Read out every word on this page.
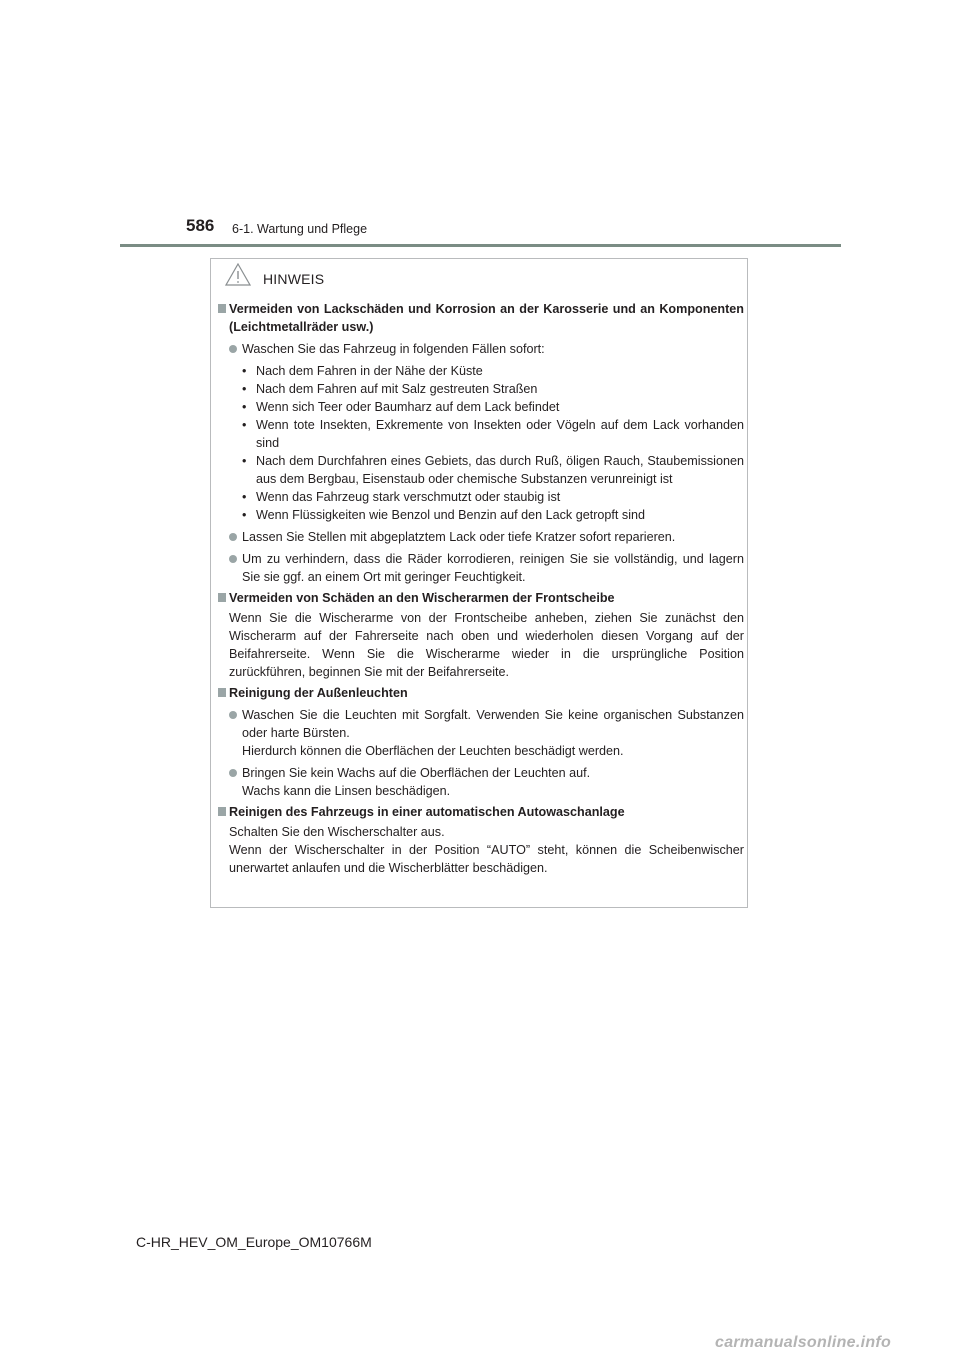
586 6-1. Wartung und Pflege
HINWEIS

Vermeiden von Lackschäden und Korrosion an der Karosserie und an Komponenten (Leichtmetallräder usw.)

Waschen Sie das Fahrzeug in folgenden Fällen sofort:

• Nach dem Fahren in der Nähe der Küste
• Nach dem Fahren auf mit Salz gestreuten Straßen
• Wenn sich Teer oder Baumharz auf dem Lack befindet
• Wenn tote Insekten, Exkremente von Insekten oder Vögeln auf dem Lack vorhanden sind
• Nach dem Durchfahren eines Gebiets, das durch Ruß, öligen Rauch, Staubemissionen aus dem Bergbau, Eisenstaub oder chemische Substanzen verunreinigt ist
• Wenn das Fahrzeug stark verschmutzt oder staubig ist
• Wenn Flüssigkeiten wie Benzol und Benzin auf den Lack getropft sind

Lassen Sie Stellen mit abgeplatztem Lack oder tiefe Kratzer sofort reparieren.

Um zu verhindern, dass die Räder korrodieren, reinigen Sie sie vollständig, und lagern Sie sie ggf. an einem Ort mit geringer Feuchtigkeit.

Vermeiden von Schäden an den Wischerarmen der Frontscheibe

Wenn Sie die Wischerarme von der Frontscheibe anheben, ziehen Sie zunächst den Wischerarm auf der Fahrerseite nach oben und wiederholen diesen Vorgang auf der Beifahrerseite. Wenn Sie die Wischerarme wieder in die ursprüngliche Position zurückführen, beginnen Sie mit der Beifahrerseite.

Reinigung der Außenleuchten

Waschen Sie die Leuchten mit Sorgfalt. Verwenden Sie keine organischen Substanzen oder harte Bürsten.
Hierdurch können die Oberflächen der Leuchten beschädigt werden.

Bringen Sie kein Wachs auf die Oberflächen der Leuchten auf.
Wachs kann die Linsen beschädigen.

Reinigen des Fahrzeugs in einer automatischen Autowaschanlage

Schalten Sie den Wischerschalter aus.
Wenn der Wischerschalter in der Position “AUTO” steht, können die Scheibenwischer unerwartet anlaufen und die Wischerblätter beschädigen.

C-HR_HEV_OM_Europe_OM10766M
carmanualsonline.info
